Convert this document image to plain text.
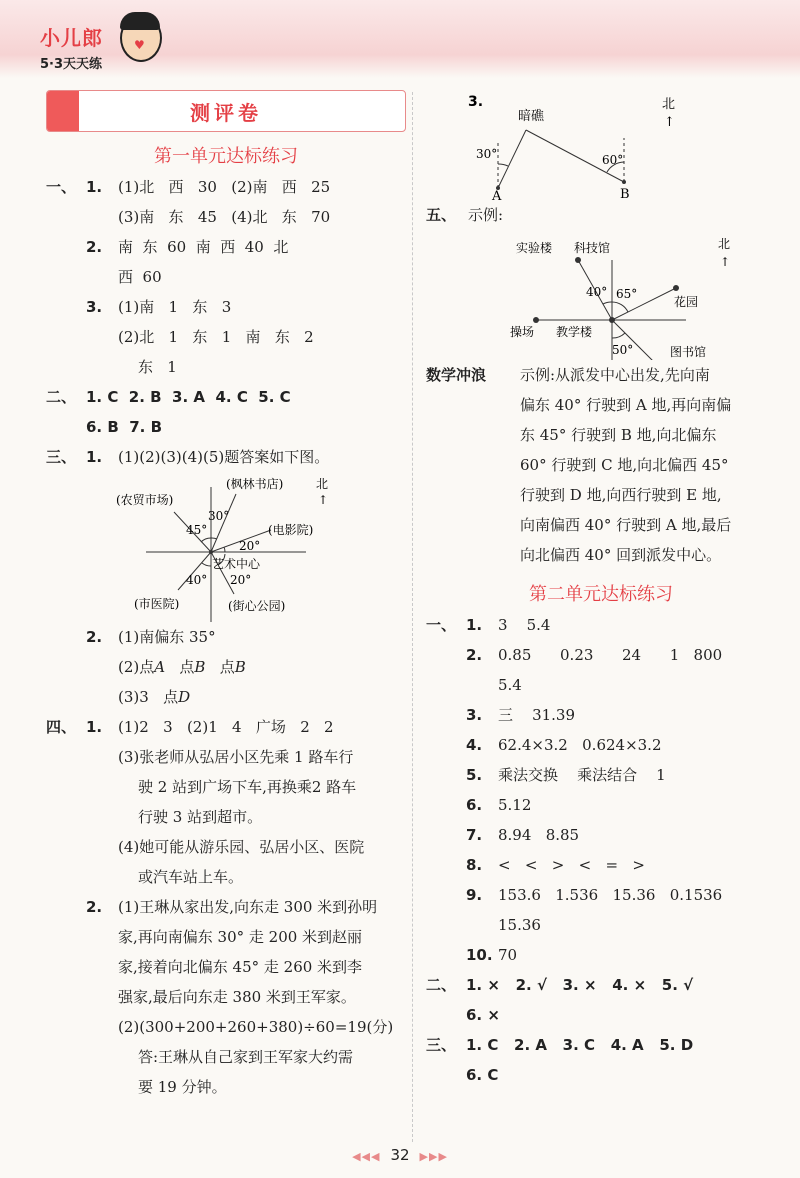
小儿郎
5·3天天练
♥
测评卷
第一单元达标练习
一、 1. (1)北   西   30   (2)南   西   25
(3)南   东   45   (4)北   东   70
2. 南  东  60  南  西  40  北
西  60
3. (1)南   1   东   3
(2)北   1   东   1   南   东   2
东   1
二、 1. C  2. B  3. A  4. C  5. C
6. B  7. B
三、 1. (1)(2)(3)(4)(5)题答案如下图。
北
↑
(农贸市场)
(枫林书店)
(电影院)
艺术中心
(市医院)	(街心公园)
45°
30°
20°
40° 20°
2. (1)南偏东 35°
(2)点A 点B 点B
(3)3   点D
四、 1. (1)2   3   (2)1   4   广场   2   2
(3)张老师从弘居小区先乘 1 路车行
驶 2 站到广场下车,再换乘2 路车
行驶 3 站到超市。
(4)她可能从游乐园、弘居小区、医院
或汽车站上车。
2. (1)王琳从家出发,向东走 300 米到孙明
家,再向南偏东 30° 走 200 米到赵丽
家,接着向北偏东 45° 走 260 米到李
强家,最后向东走 380 米到王军家。
(2)(300+200+260+380)÷60=19(分)
答:王琳从自己家到王军家大约需
要 19 分钟。
3.
暗礁
北
↑
30°	60°
A	B
五、 示例:
实验楼 科技馆	北
↑
40° 65°
花园
操场 教学楼
50°	图书馆
数学冲浪 示例:从派发中心出发,先向南
偏东 40° 行驶到 A 地,再向南偏
东 45° 行驶到 B 地,向北偏东
60° 行驶到 C 地,向北偏西 45°
行驶到 D 地,向西行驶到 E 地,
向南偏西 40° 行驶到 A 地,最后
向北偏西 40° 回到派发中心。
第二单元达标练习
一、 1. 3    5.4
2. 0.85      0.23      24      1   800
5.4
3. 三    31.39
4. 62.4×3.2   0.624×3.2
5. 乘法交换    乘法结合    1
6. 5.12
7. 8.94   8.85
8. <   <   >   <   =   >
9. 153.6   1.536   15.36   0.1536
15.36
10. 70
二、 1. ×   2. √   3. ×   4. ×   5. √
6. ×
三、 1. C   2. A   3. C   4. A   5. D
6. C
◀◀◀ 32 ▶▶▶
